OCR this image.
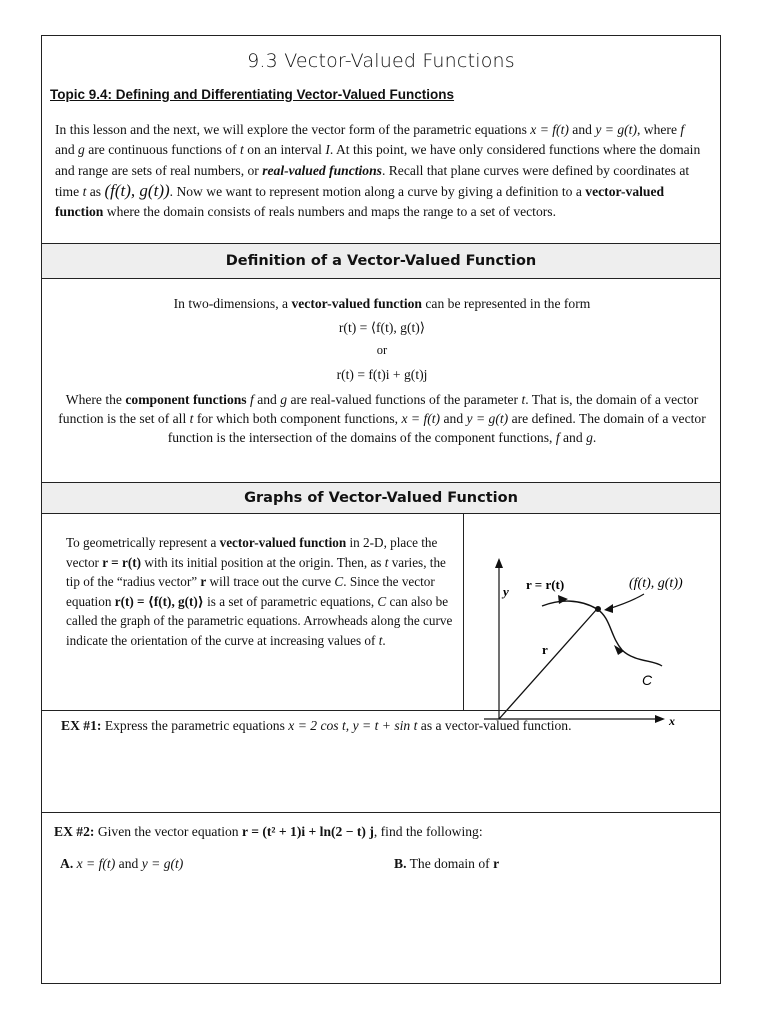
9.3 Vector-Valued Functions
Topic 9.4: Defining and Differentiating Vector-Valued Functions
In this lesson and the next, we will explore the vector form of the parametric equations x = f(t) and y = g(t), where f and g are continuous functions of t on an interval I. At this point, we have only considered functions where the domain and range are sets of real numbers, or real-valued functions. Recall that plane curves were defined by coordinates at time t as (f(t), g(t)). Now we want to represent motion along a curve by giving a definition to a vector-valued function where the domain consists of reals numbers and maps the range to a set of vectors.
Definition of a Vector-Valued Function
In two-dimensions, a vector-valued function can be represented in the form
r(t) = ⟨f(t), g(t)⟩
or
r(t) = f(t)i + g(t)j
Where the component functions f and g are real-valued functions of the parameter t. That is, the domain of a vector function is the set of all t for which both component functions, x = f(t) and y = g(t) are defined. The domain of a vector function is the intersection of the domains of the component functions, f and g.
Graphs of Vector-Valued Function
To geometrically represent a vector-valued function in 2-D, place the vector r = r(t) with its initial position at the origin. Then, as t varies, the tip of the “radius vector” r will trace out the curve C. Since the vector equation r(t) = ⟨f(t), g(t)⟩ is a set of parametric equations, C can also be called the graph of the parametric equations. Arrowheads along the curve indicate the orientation of the curve at increasing values of t.
y
x
r
r = r(t)	(f(t), g(t))
C
EX #1: Express the parametric equations x = 2 cos t, y = t + sin t as a vector-valued function.
EX #2: Given the vector equation r = (t² + 1)i + ln(2 − t) j, find the following:
A. x = f(t) and y = g(t)	B. The domain of r
